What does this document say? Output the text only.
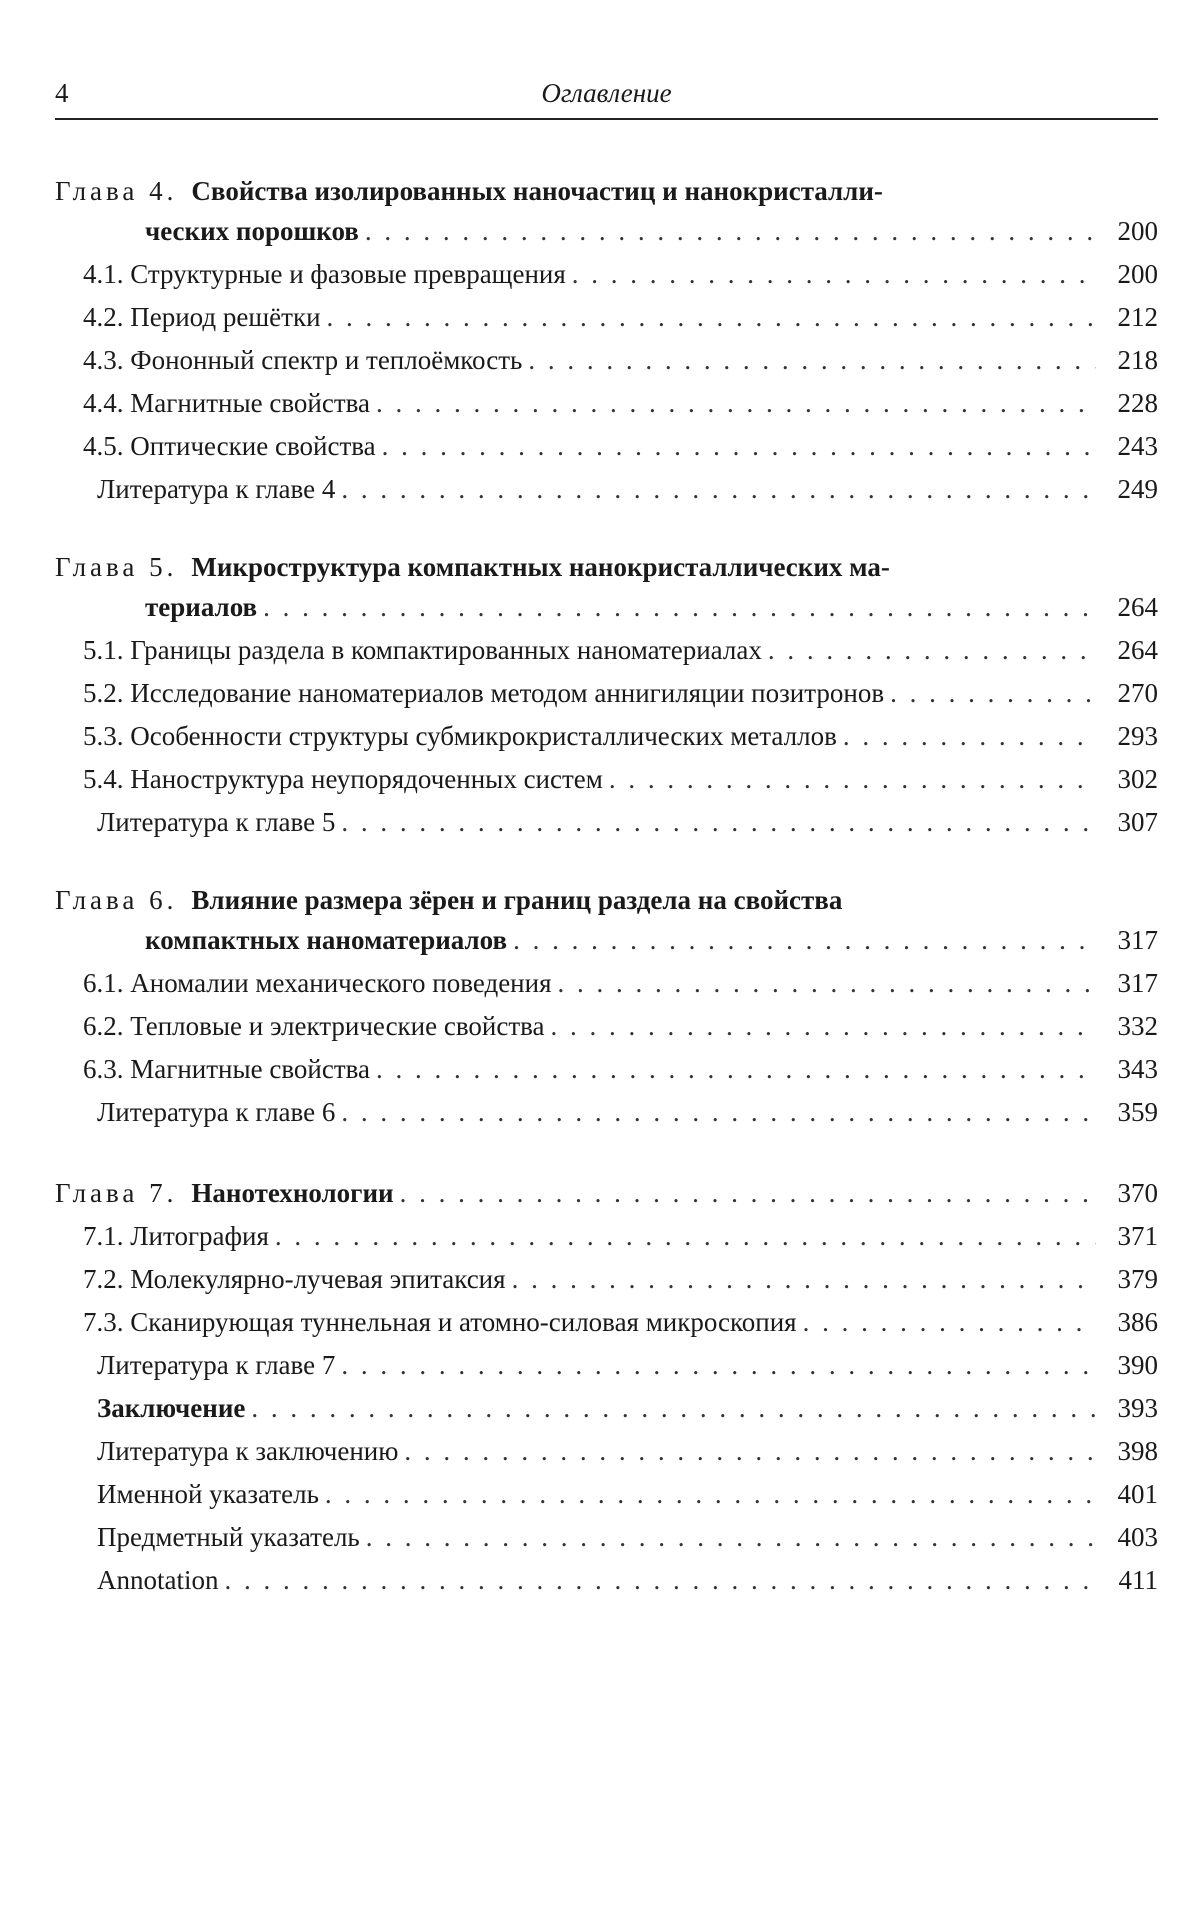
4	Оглавление
Глава 4. Свойства изолированных наночастиц и нанокристалли-
ческих порошков . . .	200
4.1. Структурные и фазовые превращения . . .	200
4.2. Период решётки . . .	212
4.3. Фононный спектр и теплоёмкость . . .	218
4.4. Магнитные свойства . . .	228
4.5. Оптические свойства . . .	243
Литература к главе 4 . . .	249
Глава 5. Микроструктура компактных нанокристаллических ма-
териалов . . .	264
5.1. Границы раздела в компактированных наноматериалах . . .	264
5.2. Исследование наноматериалов методом аннигиляции позитронов . . .	270
5.3. Особенности структуры субмикрокристаллических металлов . . .	293
5.4. Наноструктура неупорядоченных систем . . .	302
Литература к главе 5 . . .	307
Глава 6. Влияние размера зёрен и границ раздела на свойства
компактных наноматериалов . . .	317
6.1. Аномалии механического поведения . . .	317
6.2. Тепловые и электрические свойства . . .	332
6.3. Магнитные свойства . . .	343
Литература к главе 6 . . .	359
Глава 7. Нанотехнологии . . .	370
7.1. Литография . . .	371
7.2. Молекулярно-лучевая эпитаксия . . .	379
7.3. Сканирующая туннельная и атомно-силовая микроскопия . . .	386
Литература к главе 7 . . .	390
Заключение . . .	393
Литература к заключению . . .	398
Именной указатель . . .	401
Предметный указатель . . .	403
Annotation . . .	411
